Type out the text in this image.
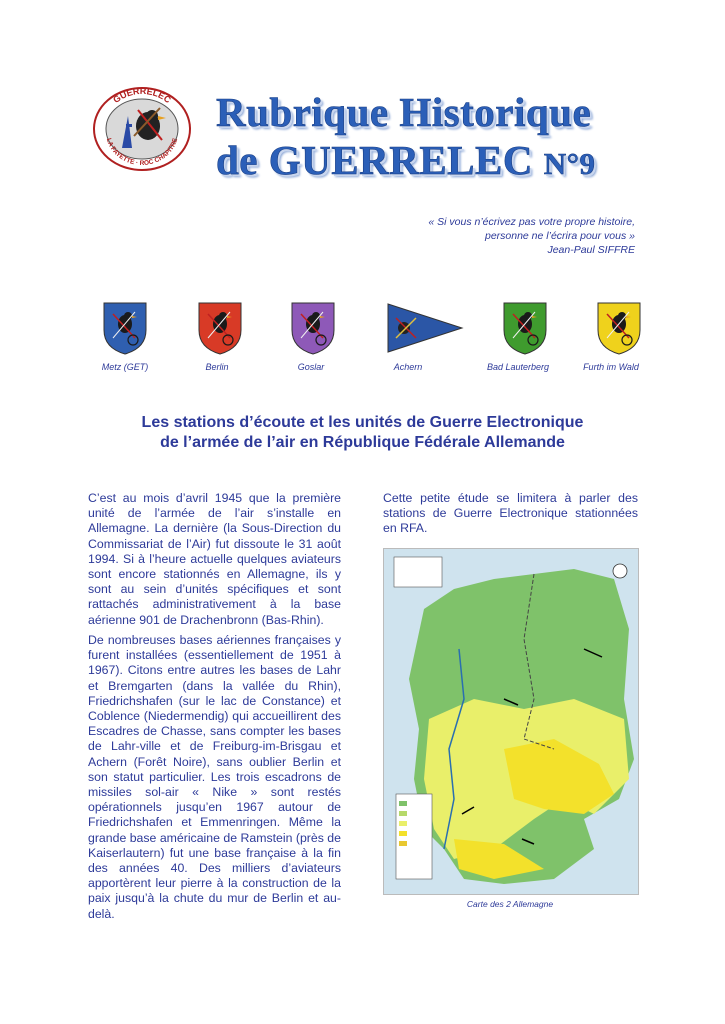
GUERRELEC
LA FAYETTE · ROC CHAPITRE
Rubrique Historique
de GUERRELEC N°9
« Si vous n’écrivez pas votre propre histoire,
personne ne l’écrira pour vous »
Jean-Paul SIFFRE
Metz (GET)	Berlin	Goslar	Achern	Bad Lauterberg	Furth im Wald
Les stations d’écoute et les unités de Guerre Electronique
de l’armée de l’air en République Fédérale Allemande
C’est au mois d’avril 1945 que la première unité de l’armée de l’air s’installe en Allemagne. La dernière (la Sous-Direction du Commissariat de l’Air) fut dissoute le 31 août 1994. Si à l’heure actuelle quelques aviateurs sont encore stationnés en Allemagne, ils y sont au sein d’unités spécifiques et sont rattachés administrativement à la base aérienne 901 de Drachenbronn (Bas-Rhin).
De nombreuses bases aériennes françaises y furent installées (essentiellement de 1951 à 1967). Citons entre autres les bases de Lahr et Bremgarten (dans la vallée du Rhin), Friedrichshafen (sur le lac de Constance) et Coblence (Niedermendig) qui accueillirent des Escadres de Chasse, sans compter les bases de Lahr-ville et de Freiburg-im-Brisgau et Achern (Forêt Noire), sans oublier Berlin et son statut particulier. Les trois escadrons de missiles sol-air « Nike » sont restés opérationnels jusqu’en 1967 autour de Friedrichshafen et Emmenringen. Même la grande base américaine de Ramstein (près de Kaiserlautern) fut une base française à la fin des années 40. Des milliers d’aviateurs apportèrent leur pierre à la construction de la paix jusqu’à la chute du mur de Berlin et au-delà.
Cette petite étude se limitera à parler des stations de Guerre Electronique stationnées en RFA.
Carte des 2 Allemagne
